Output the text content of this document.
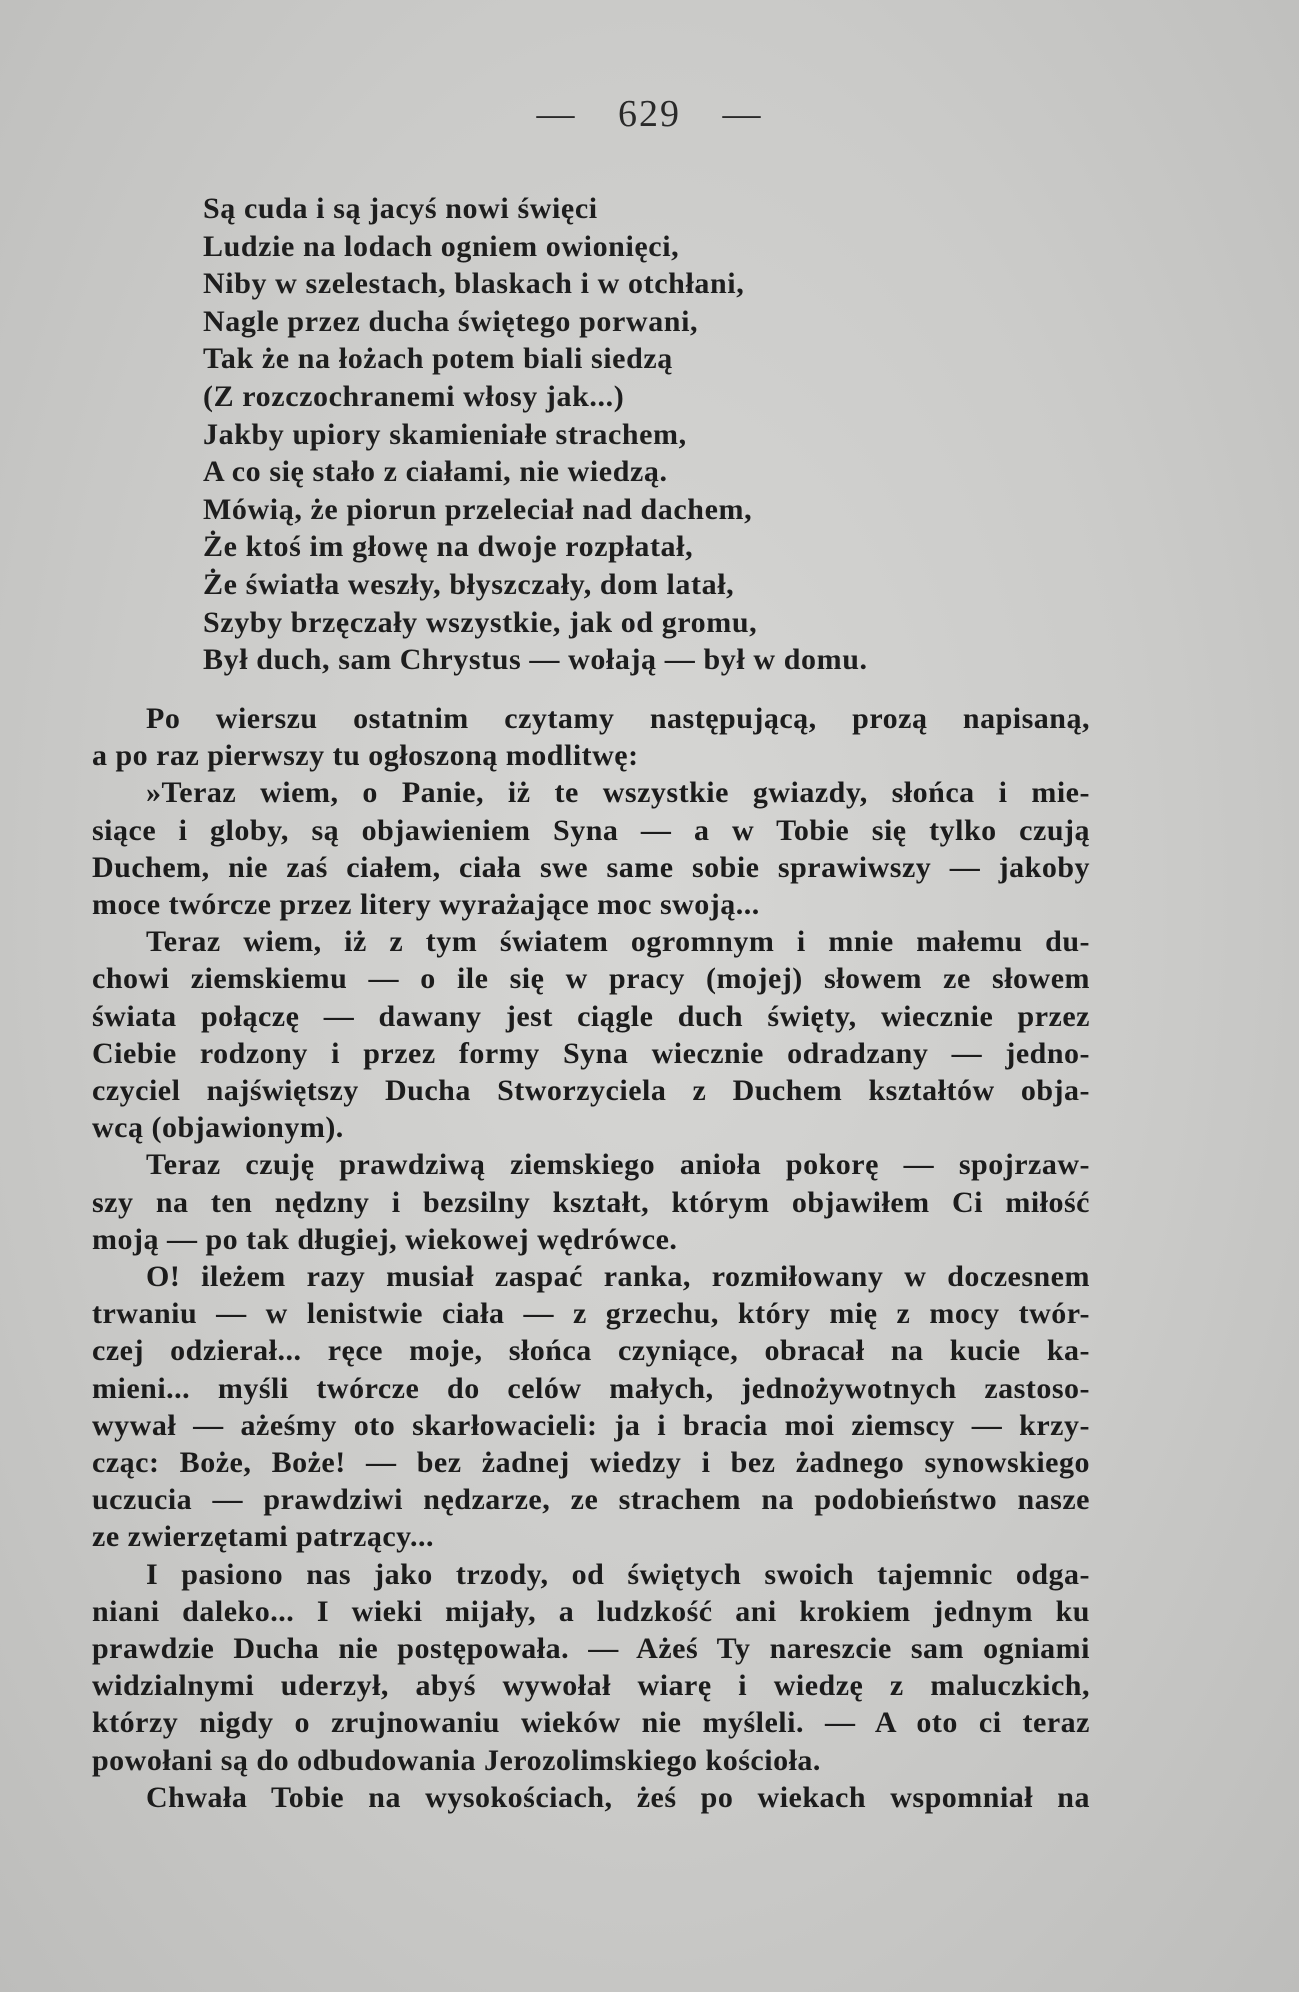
— 629 —
Są cuda i są jacyś nowi święci
Ludzie na lodach ogniem owionięci,
Niby w szelestach, blaskach i w otchłani,
Nagle przez ducha świętego porwani,
Tak że na łożach potem biali siedzą
(Z rozczochranemi włosy jak...)
Jakby upiory skamieniałe strachem,
A co się stało z ciałami, nie wiedzą.
Mówią, że piorun przeleciał nad dachem,
Że ktoś im głowę na dwoje rozpłatał,
Że światła weszły, błyszczały, dom latał,
Szyby brzęczały wszystkie, jak od gromu,
Był duch, sam Chrystus — wołają — był w domu.
Po wierszu ostatnim czytamy następującą, prozą napisaną,
a po raz pierwszy tu ogłoszoną modlitwę:
»Teraz wiem, o Panie, iż te wszystkie gwiazdy, słońca i mie-
siące i globy, są objawieniem Syna — a w Tobie się tylko czują
Duchem, nie zaś ciałem, ciała swe same sobie sprawiwszy — jakoby
moce twórcze przez litery wyrażające moc swoją...
Teraz wiem, iż z tym światem ogromnym i mnie małemu du-
chowi ziemskiemu — o ile się w pracy (mojej) słowem ze słowem
świata połączę — dawany jest ciągle duch święty, wiecznie przez
Ciebie rodzony i przez formy Syna wiecznie odradzany — jedno-
czyciel najświętszy Ducha Stworzyciela z Duchem kształtów obja-
wcą (objawionym).
Teraz czuję prawdziwą ziemskiego anioła pokorę — spojrzaw-
szy na ten nędzny i bezsilny kształt, którym objawiłem Ci miłość
moją — po tak długiej, wiekowej wędrówce.
O! ileżem razy musiał zaspać ranka, rozmiłowany w doczesnem
trwaniu — w lenistwie ciała — z grzechu, który mię z mocy twór-
czej odzierał... ręce moje, słońca czyniące, obracał na kucie ka-
mieni... myśli twórcze do celów małych, jednożywotnych zastoso-
wywał — ażeśmy oto skarłowacieli: ja i bracia moi ziemscy — krzy-
cząc: Boże, Boże! — bez żadnej wiedzy i bez żadnego synowskiego
uczucia — prawdziwi nędzarze, ze strachem na podobieństwo nasze
ze zwierzętami patrzący...
I pasiono nas jako trzody, od świętych swoich tajemnic odga-
niani daleko... I wieki mijały, a ludzkość ani krokiem jednym ku
prawdzie Ducha nie postępowała. — Ażeś Ty nareszcie sam ogniami
widzialnymi uderzył, abyś wywołał wiarę i wiedzę z maluczkich,
którzy nigdy o zrujnowaniu wieków nie myśleli. — A oto ci teraz
powołani są do odbudowania Jerozolimskiego kościoła.
Chwała Tobie na wysokościach, żeś po wiekach wspomniał na
